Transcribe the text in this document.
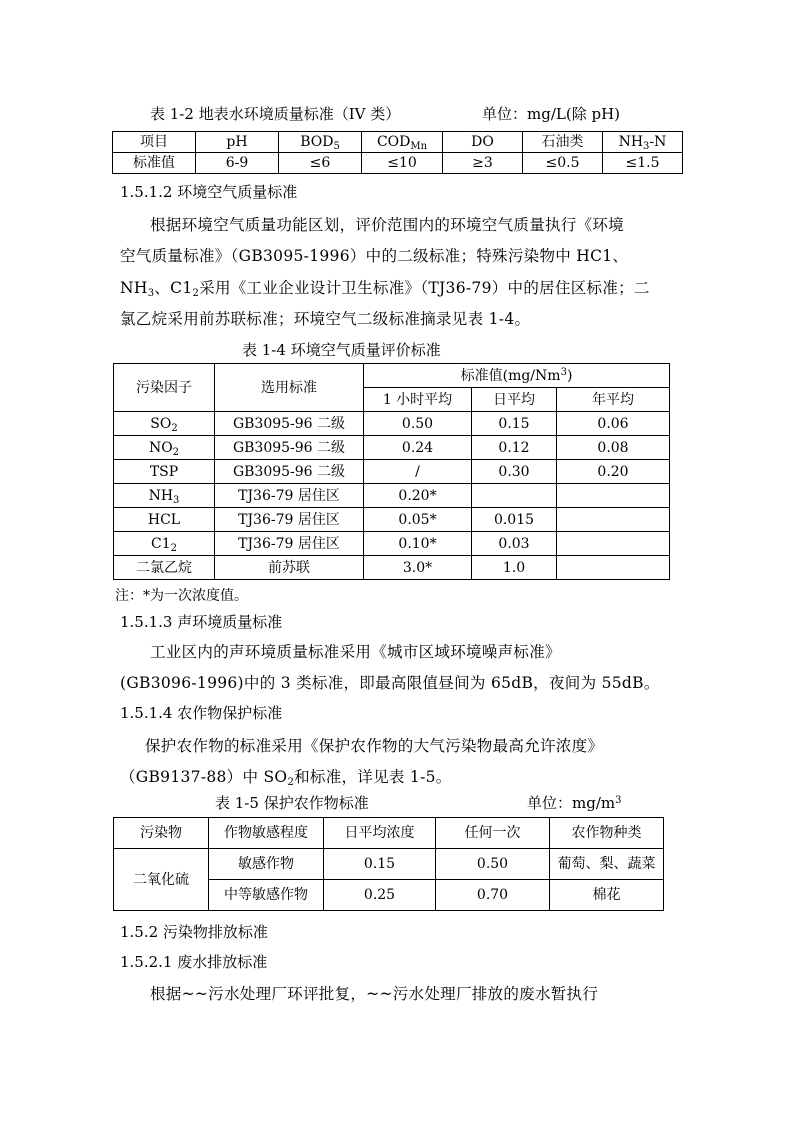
表 1-2 地表水环境质量标准（IV 类）	单位：mg/L(除 pH)
项目	pH	$BOD_5$	$COD_{Mn}$	DO	石油类	$NH_3-N$
标准值	6-9	≤6	≤10	≥3	≤0.5	≤1.5
1.5.1.2 环境空气质量标准
根据环境空气质量功能区划，评价范围内的环境空气质量执行《环境
空气质量标准》（GB3095-1996）中的二级标准；特殊污染物中 HC1、
$NH_3$、$C1_2$采用《工业企业设计卫生标准》（TJ36-79）中的居住区标准；二
氯乙烷采用前苏联标准；环境空气二级标准摘录见表 1-4。
表 1-4 环境空气质量评价标准
污染因子	选用标准	标准值(mg/Nm$^3$)		
		1 小时平均	日平均	年平均
$SO_2$	GB3095-96 二级	0.50	0.15	0.06
$NO_2$	GB3095-96 二级	0.24	0.12	0.08
TSP	GB3095-96 二级	/	0.30	0.20
$NH_3$	TJ36-79 居住区	0.20*		
HCL	TJ36-79 居住区	0.05*	0.015	
$C1_2$	TJ36-79 居住区	0.10*	0.03	
二氯乙烷	前苏联	3.0*	1.0	
注：*为一次浓度值。
1.5.1.3 声环境质量标准
工业区内的声环境质量标准采用《城市区域环境噪声标准》
(GB3096-1996)中的 3 类标准，即最高限值昼间为 65dB，夜间为 55dB。
1.5.1.4 农作物保护标准
保护农作物的标准采用《保护农作物的大气污染物最高允许浓度》
（GB9137-88）中 $SO_2$和标准，详见表 1-5。
表 1-5 保护农作物标准	单位：$mg/m^3$
污染物	作物敏感程度	日平均浓度	任何一次	农作物种类
二氧化硫	敏感作物	0.15	0.50	葡萄、梨、蔬菜
	中等敏感作物	0.25	0.70	棉花
1.5.2 污染物排放标准
1.5.2.1 废水排放标准
根据~~污水处理厂环评批复，~~污水处理厂排放的废水暂执行
